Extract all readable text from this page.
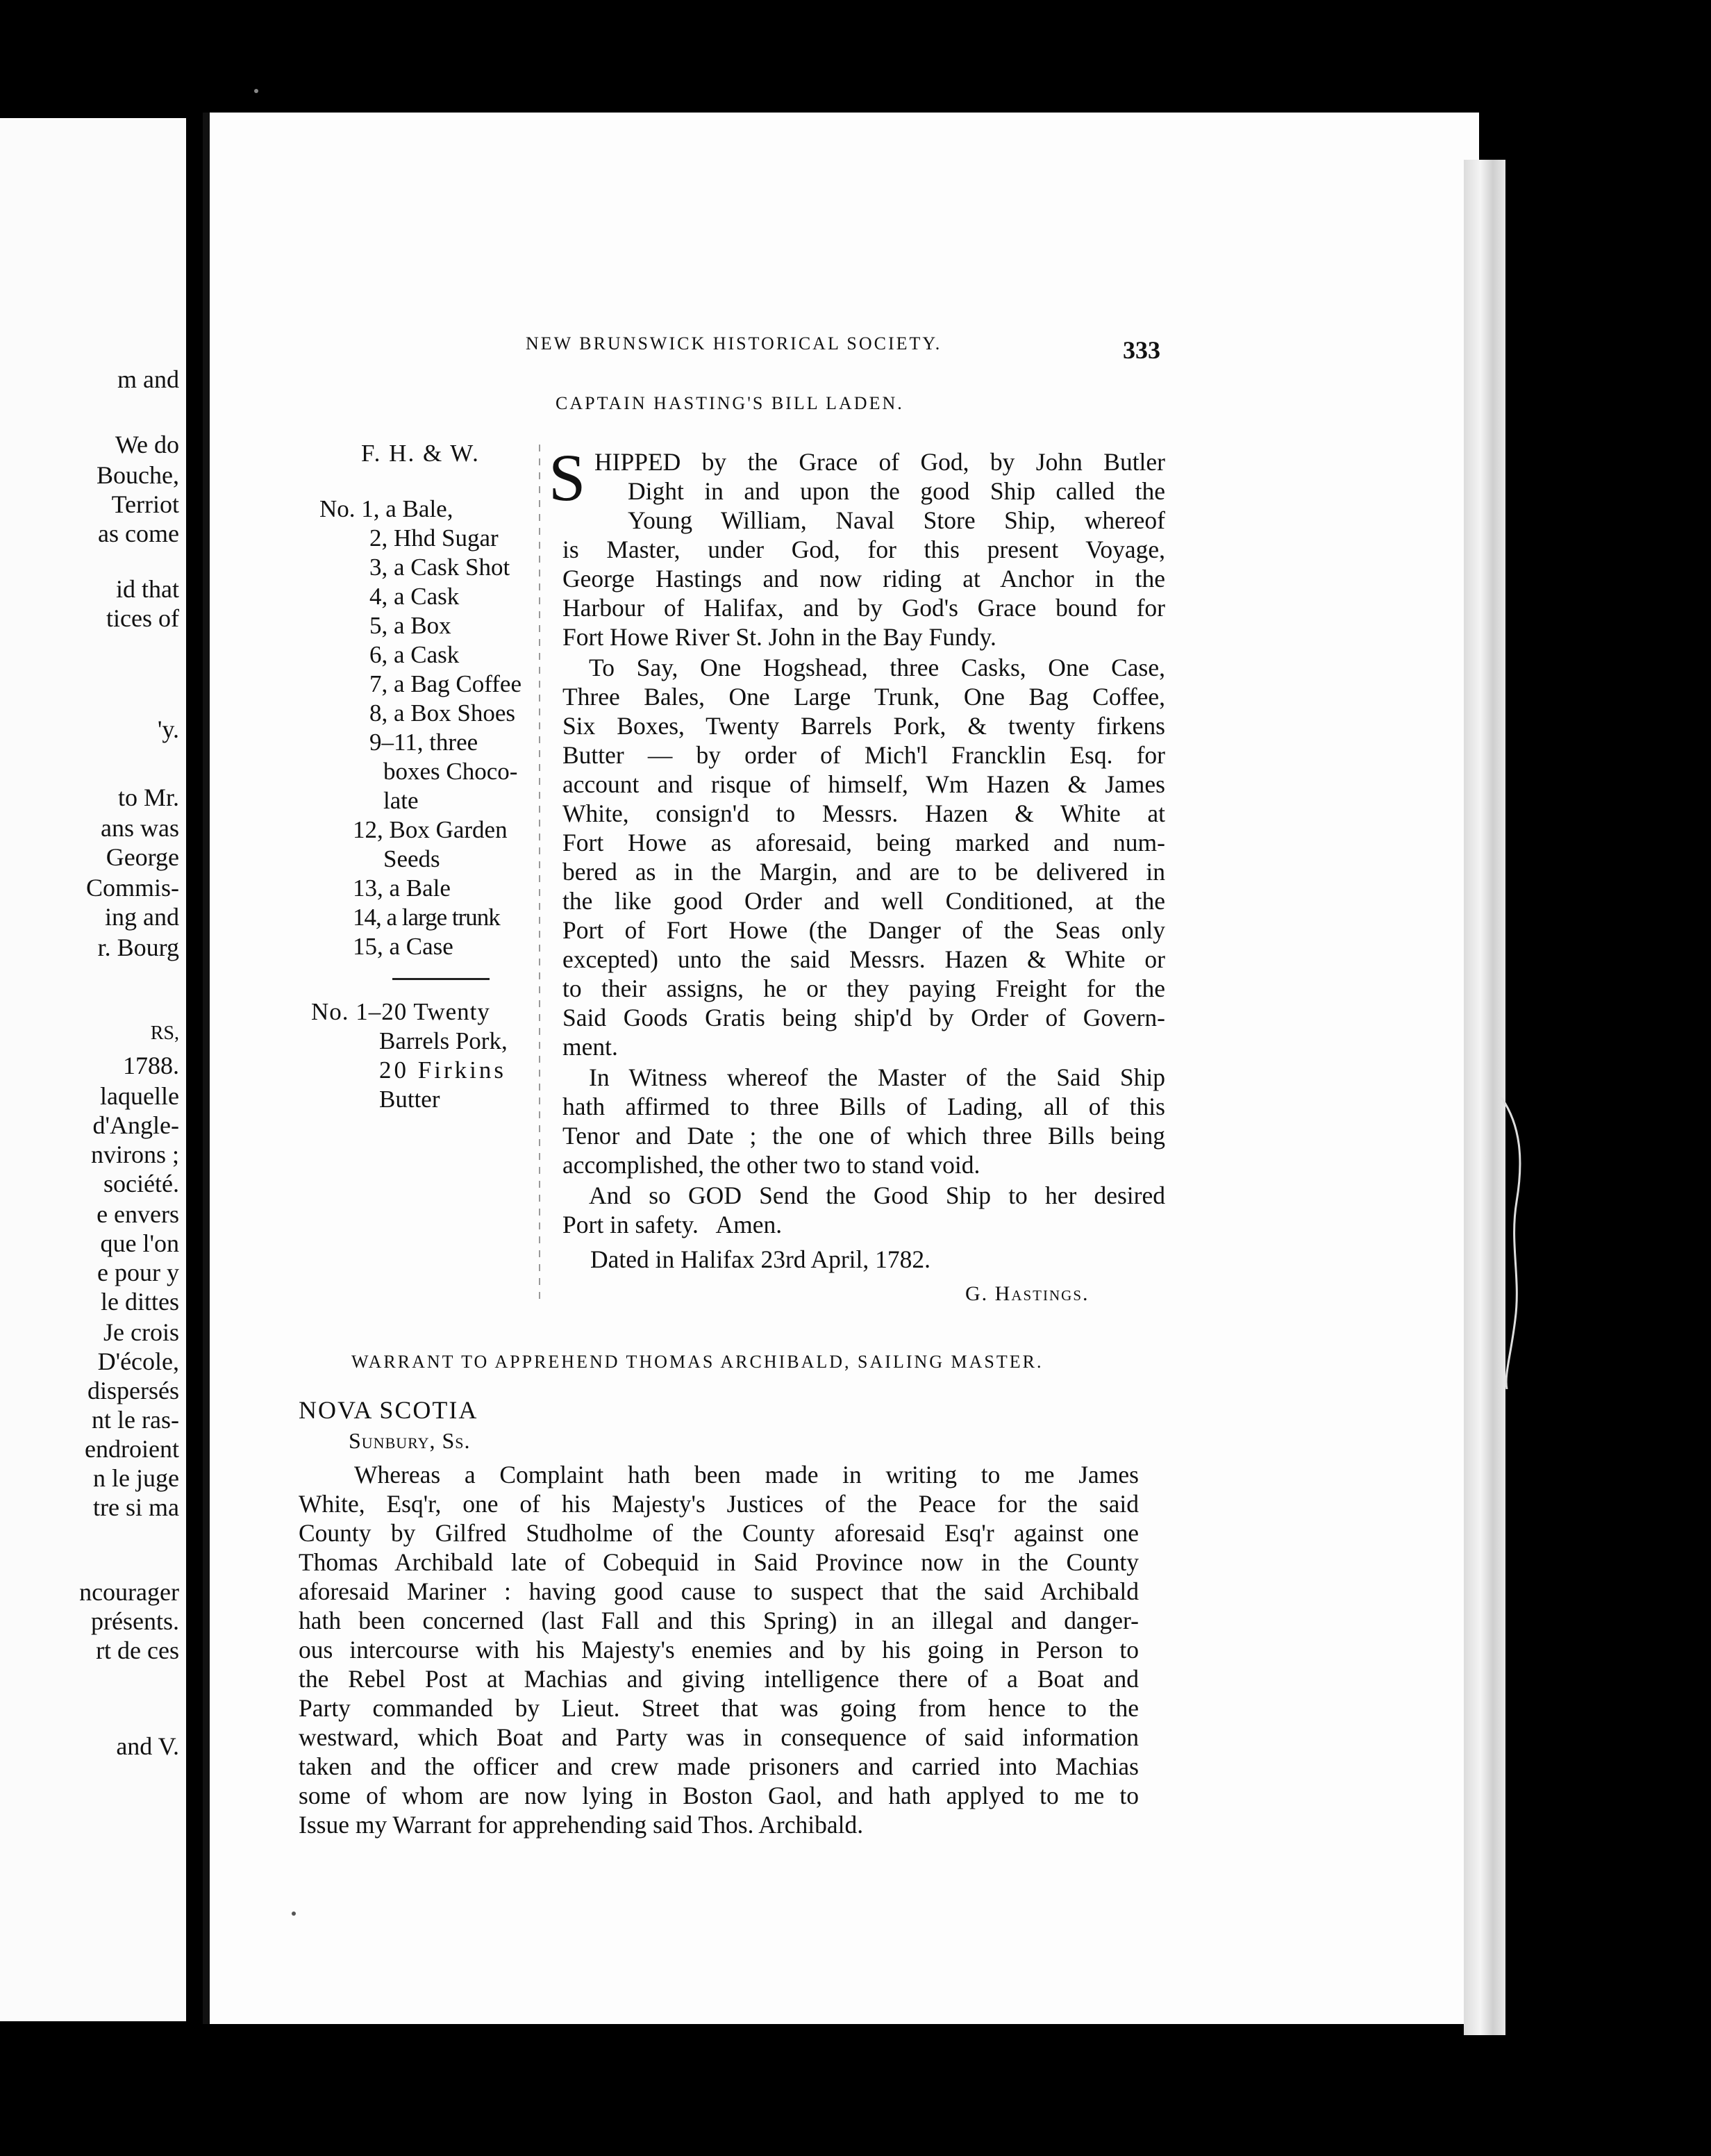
m and
We do
Bouche,
Terriot
as come
id that
tices of
'y.
to Mr.
ans was
George
Commis-
ing and
r. Bourg
RS,
1788.
laquelle
d'Angle-
nvirons ;
société.
e envers
que l'on
e pour y
le dittes
Je crois
D'école,
dispersés
nt le ras-
endroient
n le juge
tre si ma
ncourager
présents.
rt de ces
and V.
NEW BRUNSWICK HISTORICAL SOCIETY.	333
CAPTAIN HASTING'S BILL LADEN.
F. H. & W.
No. 1, a Bale,
2, Hhd Sugar
3, a Cask Shot
4, a Cask
5, a Box
6, a Cask
7, a Bag Coffee
8, a Box Shoes
9–11, three
boxes Choco-
late
12, Box Garden
Seeds
13, a Bale
14, a large trunk
15, a Case
No. 1–20 Twenty
Barrels Pork,
20 Firkins
Butter
S HIPPED by the Grace of God, by John Butler
Dight in and upon the good Ship called the
Young William, Naval Store Ship, whereof
is Master, under God, for this present Voyage,
George Hastings and now riding at Anchor in the
Harbour of Halifax, and by God's Grace bound for
Fort Howe River St. John in the Bay Fundy.
To Say, One Hogshead, three Casks, One Case,
Three Bales, One Large Trunk, One Bag Coffee,
Six Boxes, Twenty Barrels Pork, & twenty firkens
Butter — by order of Mich'l Francklin Esq. for
account and risque of himself, Wm Hazen & James
White, consign'd to Messrs. Hazen & White at
Fort Howe as aforesaid, being marked and num-
bered as in the Margin, and are to be delivered in
the like good Order and well Conditioned, at the
Port of Fort Howe (the Danger of the Seas only
excepted) unto the said Messrs. Hazen & White or
to their assigns, he or they paying Freight for the
Said Goods Gratis being ship'd by Order of Govern-
ment.
In Witness whereof the Master of the Said Ship
hath affirmed to three Bills of Lading, all of this
Tenor and Date ; the one of which three Bills being
accomplished, the other two to stand void.
And so GOD Send the Good Ship to her desired
Port in safety.   Amen.
Dated in Halifax 23rd April, 1782.
G. Hastings.
WARRANT TO APPREHEND THOMAS ARCHIBALD, SAILING MASTER.
NOVA SCOTIA
Sunbury, Ss.
Whereas a Complaint hath been made in writing to me James
White, Esq'r, one of his Majesty's Justices of the Peace for the said
County by Gilfred Studholme of the County aforesaid Esq'r against one
Thomas Archibald late of Cobequid in Said Province now in the County
aforesaid Mariner : having good cause to suspect that the said Archibald
hath been concerned (last Fall and this Spring) in an illegal and danger-
ous intercourse with his Majesty's enemies and by his going in Person to
the Rebel Post at Machias and giving intelligence there of a Boat and
Party commanded by Lieut. Street that was going from hence to the
westward, which Boat and Party was in consequence of said information
taken and the officer and crew made prisoners and carried into Machias
some of whom are now lying in Boston Gaol, and hath applyed to me to
Issue my Warrant for apprehending said Thos. Archibald.
